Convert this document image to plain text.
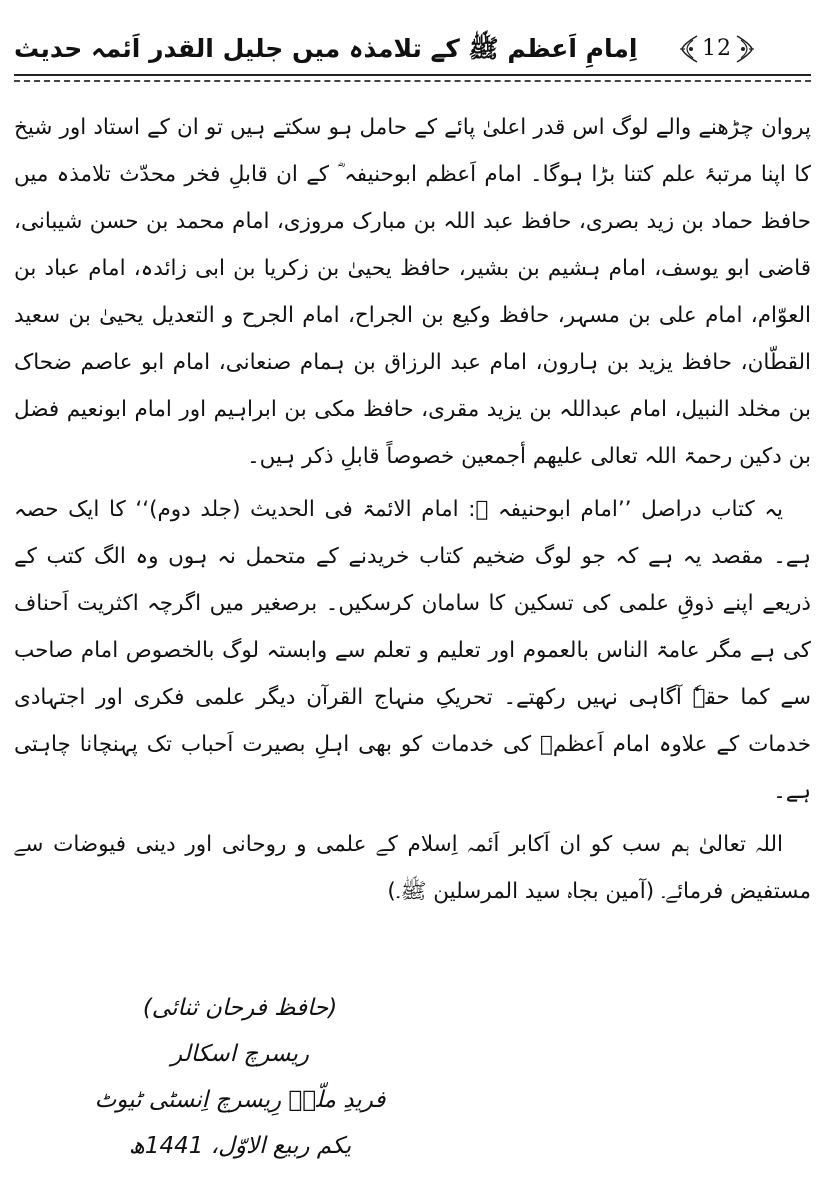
اِمامِ اَعظم ﷺ کے تلامذہ میں جلیل القدر اَئمہ حدیث	12

پروان چڑھنے والے لوگ اس قدر اعلیٰ پائے کے حامل ہو سکتے ہیں تو ان کے استاد اور شیخ کا اپنا مرتبۂ علم کتنا بڑا ہوگا۔ امام اَعظم ابوحنیفہ ؓ کے ان قابلِ فخر محدّث تلامذہ میں حافظ حماد بن زید بصری، حافظ عبد اللہ بن مبارک مروزی، امام محمد بن حسن شیبانی، قاضی ابو یوسف، امام ہشیم بن بشیر، حافظ یحییٰ بن زکریا بن ابی زائدہ، امام عباد بن العوّام، امام علی بن مسہر، حافظ وکیع بن الجراح، امام الجرح و التعدیل یحییٰ بن سعید القطّان، حافظ یزید بن ہارون، امام عبد الرزاق بن ہمام صنعانی، امام ابو عاصم ضحاک بن مخلد النبیل، امام عبداللہ بن یزید مقری، حافظ مکی بن ابراہیم اور امام ابونعیم فضل بن دکین رحمۃ اللہ تعالی علیھم أجمعین خصوصاً قابلِ ذکر ہیں۔

یہ کتاب دراصل ’’امام ابوحنیفہ ؓ: امام الائمۃ فی الحدیث (جلد دوم)‘‘ کا ایک حصہ ہے۔ مقصد یہ ہے کہ جو لوگ ضخیم کتاب خریدنے کے متحمل نہ ہوں وہ الگ کتب کے ذریعے اپنے ذوقِ علمی کی تسکین کا سامان کرسکیں۔ برصغیر میں اگرچہ اکثریت اَحناف کی ہے مگر عامۃ الناس بالعموم اور تعلیم و تعلم سے وابستہ لوگ بالخصوص امام صاحب سے کما حقہٗ آگاہی نہیں رکھتے۔ تحریکِ منہاج القرآن دیگر علمی فکری اور اجتہادی خدمات کے علاوہ امام اَعظمؒ کی خدمات کو بھی اہلِ بصیرت اَحباب تک پہنچانا چاہتی ہے۔

اللہ تعالیٰ ہم سب کو ان اَکابر اَئمہ اِسلام کے علمی و روحانی اور دینی فیوضات سے مستفیض فرمائے۔ (آمین بجاہ سید المرسلین ﷺ۔)

(حافظ فرحان ثنائی)
ریسرچ اسکالر
فریدِ ملّتؒ رِیسرچ اِنسٹی ٹیوٹ
یکم ربیع الاوّل، 1441ھ
